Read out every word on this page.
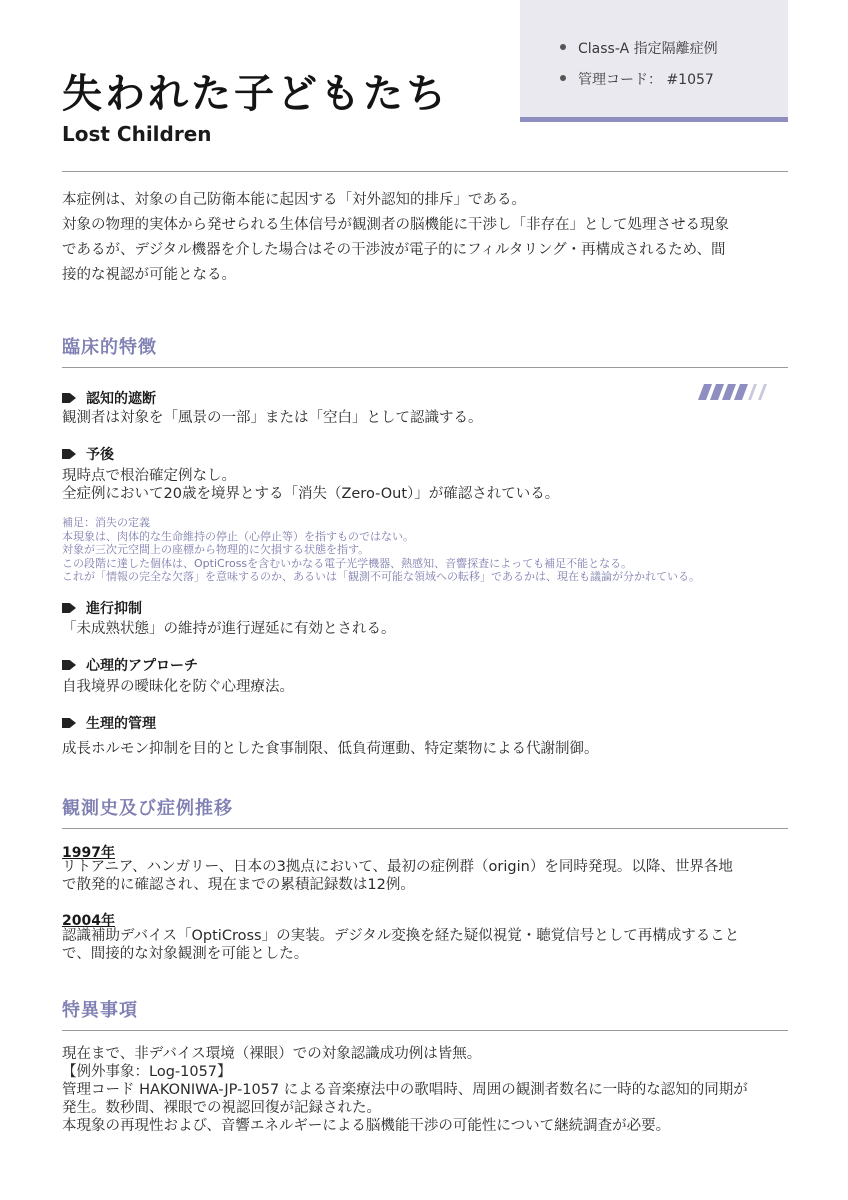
Class-A 指定隔離症例
管理コード： #1057
失われた子どもたち
Lost Children

本症例は、対象の自己防衛本能に起因する「対外認知的排斥」である。

対象の物理的実体から発せられる生体信号が観測者の脳機能に干渉し「非存在」として処理させる現象

であるが、デジタル機器を介した場合はその干渉波が電子的にフィルタリング・再構成されるため、間

接的な視認が可能となる。

臨床的特徴
認知的遮断

観測者は対象を「風景の一部」または「空白」として認識する。

予後

現時点で根治確定例なし。

全症例において20歳を境界とする「消失（Zero-Out）」が確認されている。

補足：消失の定義

本現象は、肉体的な生命維持の停止（心停止等）を指すものではない。

対象が三次元空間上の座標から物理的に欠損する状態を指す。

この段階に達した個体は、OptiCrossを含むいかなる電子光学機器、熱感知、音響探査によっても補足不能となる。

これが「情報の完全な欠落」を意味するのか、あるいは「観測不可能な領域への転移」であるかは、現在も議論が分かれている。

進行抑制

「未成熟状態」の維持が進行遅延に有効とされる。

心理的アプローチ

自我境界の曖昧化を防ぐ心理療法。

生理的管理

成長ホルモン抑制を目的とした食事制限、低負荷運動、特定薬物による代謝制御。

観測史及び症例推移
1997年

リトアニア、ハンガリー、日本の3拠点において、最初の症例群（origin）を同時発現。以降、世界各地

で散発的に確認され、現在までの累積記録数は12例。

2004年

認識補助デバイス「OptiCross」の実装。デジタル変換を経た疑似視覚・聴覚信号として再構成すること

で、間接的な対象観測を可能とした。

特異事項

現在まで、非デバイス環境（裸眼）での対象認識成功例は皆無。

【例外事象：Log-1057】

管理コード HAKONIWA-JP-1057 による音楽療法中の歌唱時、周囲の観測者数名に一時的な認知的同期が

発生。数秒間、裸眼での視認回復が記録された。

本現象の再現性および、音響エネルギーによる脳機能干渉の可能性について継続調査が必要。
